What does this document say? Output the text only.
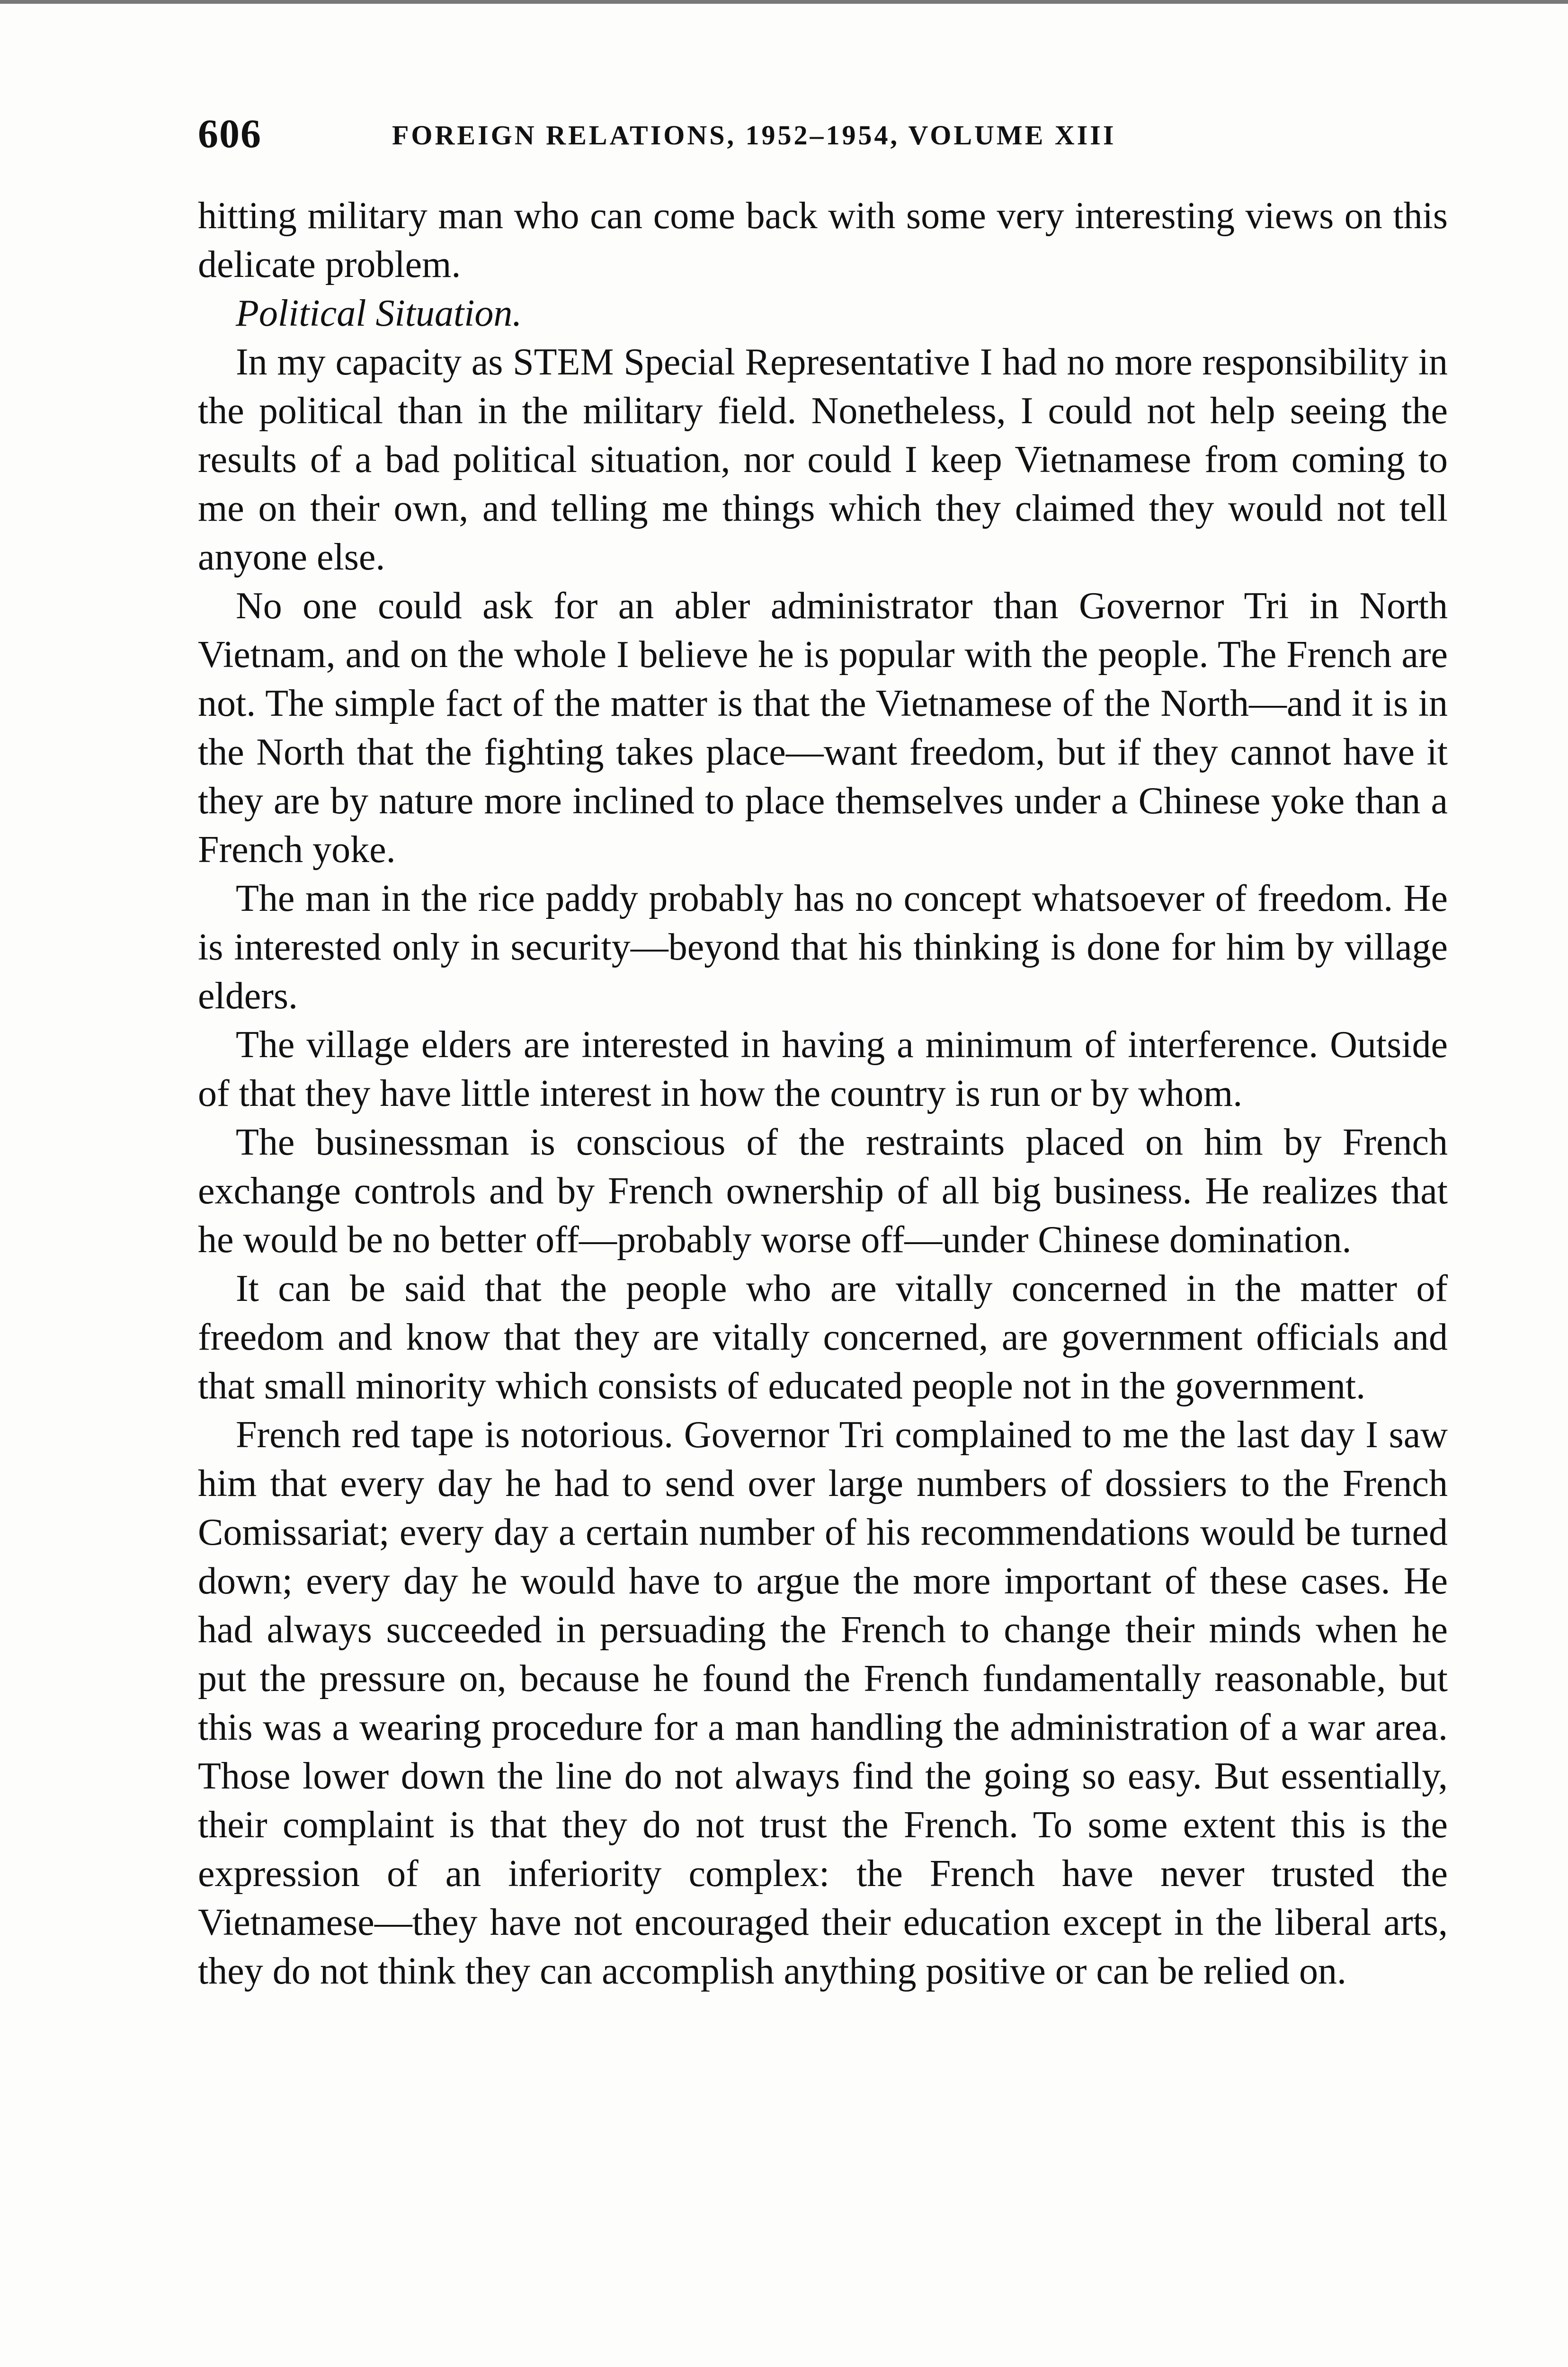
606	FOREIGN RELATIONS, 1952–1954, VOLUME XIII

hitting military man who can come back with some very interesting views on this delicate problem.

Political Situation.

In my capacity as STEM Special Representative I had no more responsibility in the political than in the military field. Nonetheless, I could not help seeing the results of a bad political situation, nor could I keep Vietnamese from coming to me on their own, and telling me things which they claimed they would not tell anyone else.

No one could ask for an abler administrator than Governor Tri in North Vietnam, and on the whole I believe he is popular with the people. The French are not. The simple fact of the matter is that the Vietnamese of the North—and it is in the North that the fighting takes place—want freedom, but if they cannot have it they are by nature more inclined to place themselves under a Chinese yoke than a French yoke.

The man in the rice paddy probably has no concept whatsoever of freedom. He is interested only in security—beyond that his thinking is done for him by village elders.

The village elders are interested in having a minimum of interference. Outside of that they have little interest in how the country is run or by whom.

The businessman is conscious of the restraints placed on him by French exchange controls and by French ownership of all big business. He realizes that he would be no better off—probably worse off—under Chinese domination.

It can be said that the people who are vitally concerned in the matter of freedom and know that they are vitally concerned, are government officials and that small minority which consists of educated people not in the government.

French red tape is notorious. Governor Tri complained to me the last day I saw him that every day he had to send over large numbers of dossiers to the French Comissariat; every day a certain number of his recommendations would be turned down; every day he would have to argue the more important of these cases. He had always succeeded in persuading the French to change their minds when he put the pressure on, because he found the French fundamentally reasonable, but this was a wearing procedure for a man handling the administration of a war area. Those lower down the line do not always find the going so easy. But essentially, their complaint is that they do not trust the French. To some extent this is the expression of an inferiority complex: the French have never trusted the Vietnamese—they have not encouraged their education except in the liberal arts, they do not think they can accomplish anything positive or can be relied on.
